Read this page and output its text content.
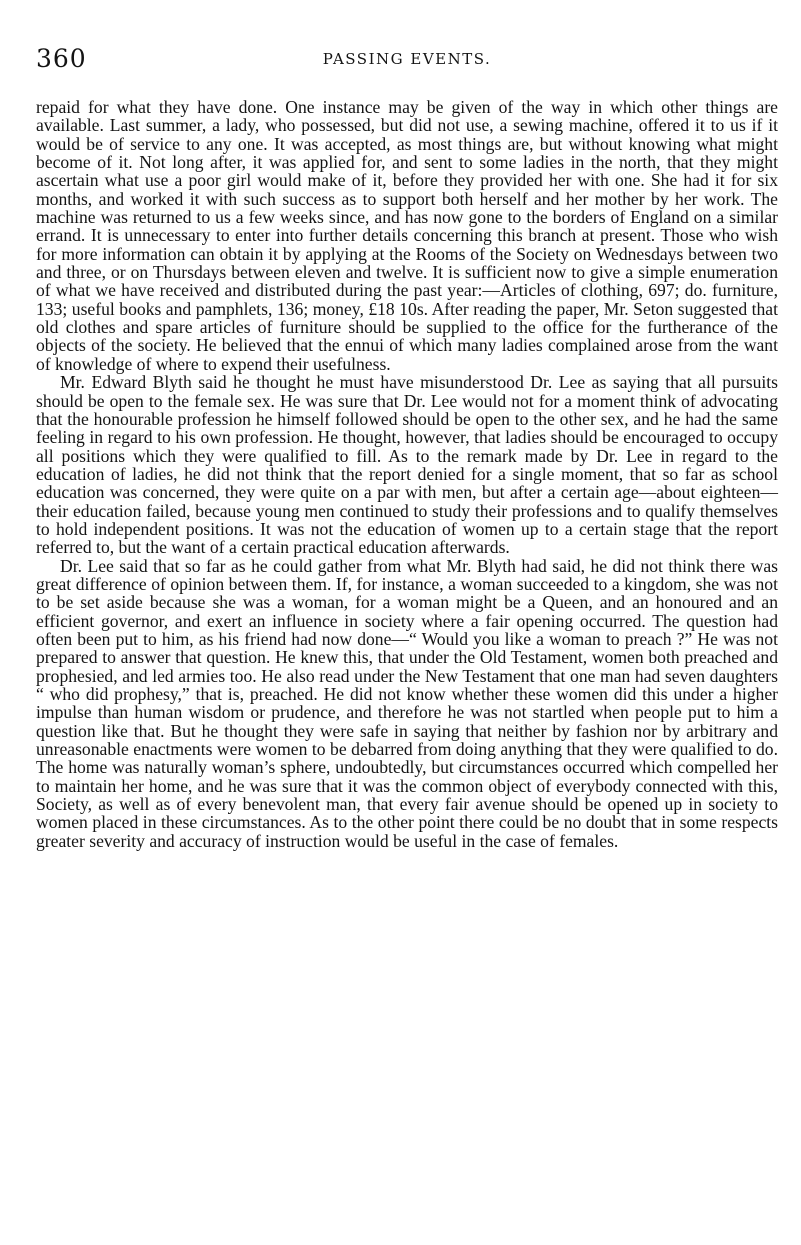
360	PASSING EVENTS.

repaid for what they have done. One instance may be given of the way in which other things are available. Last summer, a lady, who possessed, but did not use, a sewing machine, offered it to us if it would be of service to any one. It was accepted, as most things are, but without knowing what might become of it. Not long after, it was applied for, and sent to some ladies in the north, that they might ascertain what use a poor girl would make of it, before they provided her with one. She had it for six months, and worked it with such success as to support both herself and her mother by her work. The machine was returned to us a few weeks since, and has now gone to the borders of England on a similar errand. It is unnecessary to enter into further details concerning this branch at present. Those who wish for more information can obtain it by applying at the Rooms of the Society on Wednesdays between two and three, or on Thursdays between eleven and twelve. It is sufficient now to give a simple enumeration of what we have received and distributed during the past year:—Articles of clothing, 697; do. furniture, 133; useful books and pamphlets, 136; money, £18 10s. After reading the paper, Mr. Seton suggested that old clothes and spare articles of furniture should be supplied to the office for the furtherance of the objects of the society. He believed that the ennui of which many ladies complained arose from the want of knowledge of where to expend their usefulness.

Mr. Edward Blyth said he thought he must have misunderstood Dr. Lee as saying that all pursuits should be open to the female sex. He was sure that Dr. Lee would not for a moment think of advocating that the honourable profession he himself followed should be open to the other sex, and he had the same feeling in regard to his own profession. He thought, however, that ladies should be encouraged to occupy all positions which they were qualified to fill. As to the remark made by Dr. Lee in regard to the education of ladies, he did not think that the report denied for a single moment, that so far as school education was concerned, they were quite on a par with men, but after a certain age—about eighteen—their education failed, because young men continued to study their professions and to qualify themselves to hold independent positions. It was not the education of women up to a certain stage that the report referred to, but the want of a certain practical education afterwards.

Dr. Lee said that so far as he could gather from what Mr. Blyth had said, he did not think there was great difference of opinion between them. If, for instance, a woman succeeded to a kingdom, she was not to be set aside because she was a woman, for a woman might be a Queen, and an honoured and an efficient governor, and exert an influence in society where a fair opening occurred. The question had often been put to him, as his friend had now done—“ Would you like a woman to preach ?” He was not prepared to answer that question. He knew this, that under the Old Testament, women both preached and prophesied, and led armies too. He also read under the New Testament that one man had seven daughters “ who did prophesy,” that is, preached. He did not know whether these women did this under a higher impulse than human wisdom or prudence, and therefore he was not startled when people put to him a question like that. But he thought they were safe in saying that neither by fashion nor by arbitrary and unreasonable enactments were women to be debarred from doing anything that they were qualified to do. The home was naturally woman’s sphere, undoubtedly, but circumstances occurred which compelled her to maintain her home, and he was sure that it was the common object of everybody connected with this, Society, as well as of every benevolent man, that every fair avenue should be opened up in society to women placed in these circumstances. As to the other point there could be no doubt that in some respects greater severity and accuracy of instruction would be useful in the case of females.
